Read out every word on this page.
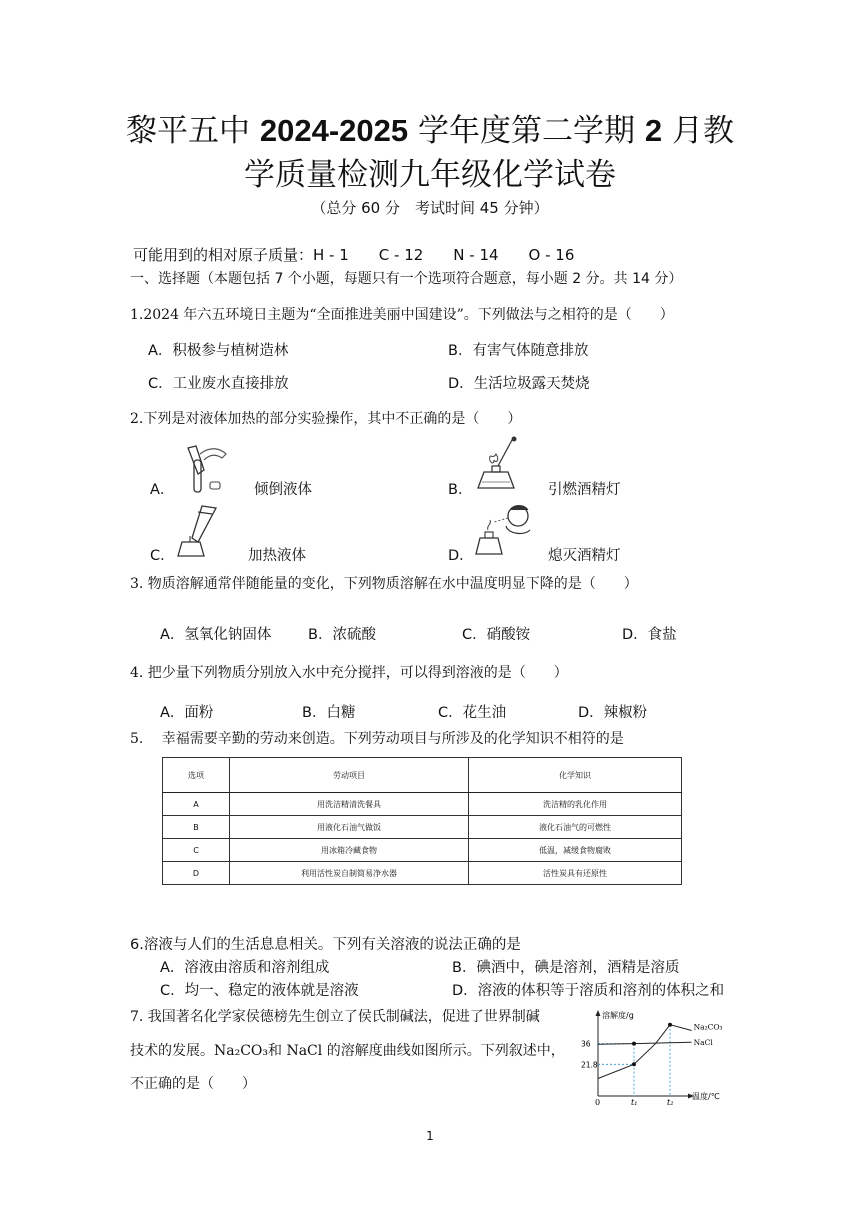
黎平五中 2024-2025 学年度第二学期 2 月教
学质量检测九年级化学试卷
（总分 60 分　考试时间 45 分钟）
可能用到的相对原子质量：H - 1　　C - 12　　N - 14　　O - 16
一、选择题（本题包括 7 个小题，每题只有一个选项符合题意，每小题 2 分。共 14 分）
1.2024 年六五环境日主题为“全面推进美丽中国建设”。下列做法与之相符的是（　　）
A．积极参与植树造林	B．有害气体随意排放
C．工业废水直接排放	D．生活垃圾露天焚烧
2.下列是对液体加热的部分实验操作，其中不正确的是（　　）
A．	倾倒液体	B．	引燃酒精灯
C．	加热液体	D．	熄灭酒精灯
3. 物质溶解通常伴随能量的变化，下列物质溶解在水中温度明显下降的是（　　）
A．氢氧化钠固体	B．浓硫酸	C．硝酸铵	D．食盐
4. 把少量下列物质分别放入水中充分搅拌，可以得到溶液的是（　　）
A．面粉	B．白糖	C．花生油	D．辣椒粉
5.　 幸福需要辛勤的劳动来创造。下列劳动项目与所涉及的化学知识不相符的是
选项	劳动项目	化学知识
A	用洗洁精清洗餐具	洗洁精的乳化作用
B	用液化石油气做饭	液化石油气的可燃性
C	用冰箱冷藏食物	低温，减缓食物腐败
D	利用活性炭自制简易净水器	活性炭具有还原性
6.溶液与人们的生活息息相关。下列有关溶液的说法正确的是
A．溶液由溶质和溶剂组成	B．碘酒中，碘是溶剂，酒精是溶质
C．均一、稳定的液体就是溶液	D．溶液的体积等于溶质和溶剂的体积之和
7. 我国著名化学家侯德榜先生创立了侯氏制碱法，促进了世界制碱
技术的发展。Na₂CO₃和 NaCl 的溶解度曲线如图所示。下列叙述中，
不正确的是（　　）
溶解度/g
温度/℃
0	t₁	t₂
21.8
36
Na₂CO₃
NaCl
1
